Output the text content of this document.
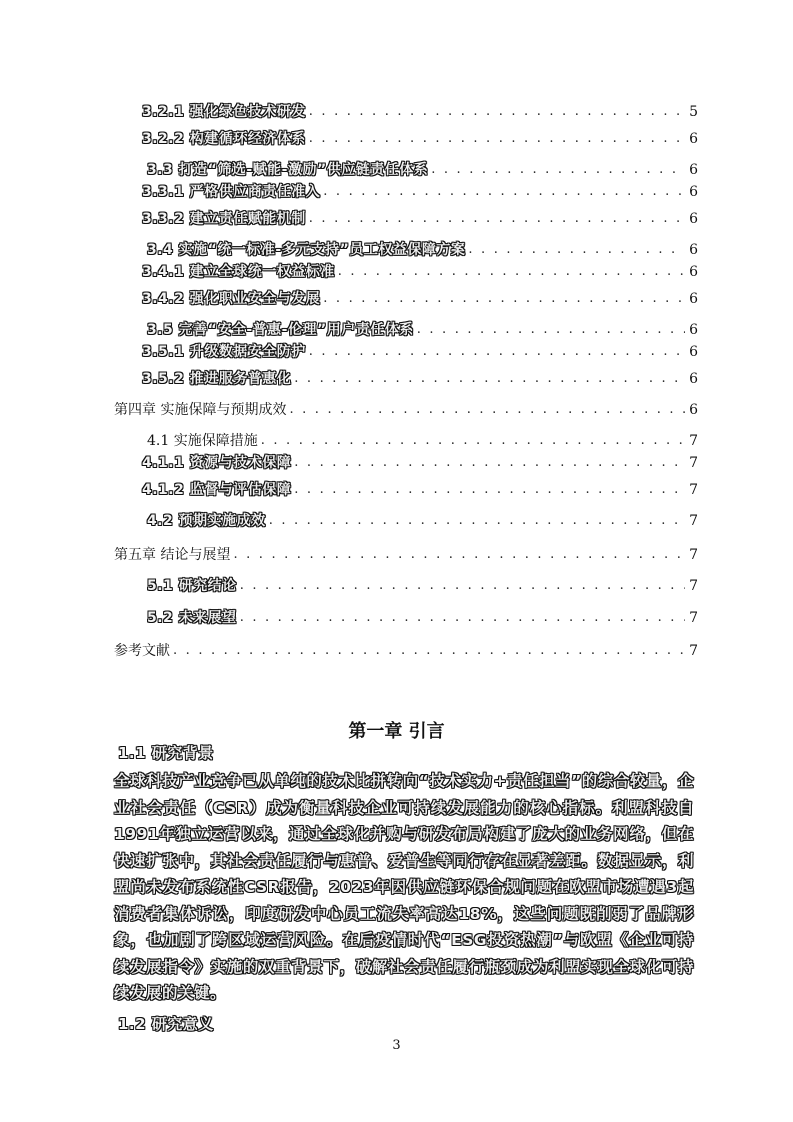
3.2.1 强化绿色技术研发 . . .	5
3.2.2 构建循环经济体系 . . .	6
3.3 打造“筛选-赋能-激励”供应链责任体系 . . .	6
3.3.1 严格供应商责任准入 . . .	6
3.3.2 建立责任赋能机制 . . .	6
3.4 实施“统一标准-多元支持”员工权益保障方案 . . .	6
3.4.1 建立全球统一权益标准 . . .	6
3.4.2 强化职业安全与发展 . . .	6
3.5 完善“安全-普惠-伦理”用户责任体系 . . .	6
3.5.1 升级数据安全防护 . . .	6
3.5.2 推进服务普惠化 . . .	6
第四章 实施保障与预期成效 . . .	6
4.1 实施保障措施 . . .	7
4.1.1 资源与技术保障 . . .	7
4.1.2 监督与评估保障 . . .	7
4.2 预期实施成效 . . .	7
第五章 结论与展望 . . .	7
5.1 研究结论 . . .	7
5.2 未来展望 . . .	7
参考文献 . . .	7
第一章 引言
1.1 研究背景
全球科技产业竞争已从单纯的技术比拼转向“技术实力+责任担当”的综合较量，企业社会责任（CSR）成为衡量科技企业可持续发展能力的核心指标。利盟科技自1991年独立运营以来，通过全球化并购与研发布局构建了庞大的业务网络，但在快速扩张中，其社会责任履行与惠普、爱普生等同行存在显著差距。数据显示，利盟尚未发布系统性CSR报告，2023年因供应链环保合规问题在欧盟市场遭遇3起消费者集体诉讼，印度研发中心员工流失率高达18%，这些问题既削弱了品牌形象，也加剧了跨区域运营风险。在后疫情时代“ESG投资热潮”与欧盟《企业可持续发展指令》实施的双重背景下，破解社会责任履行瓶颈成为利盟实现全球化可持续发展的关键。
1.2 研究意义
3
